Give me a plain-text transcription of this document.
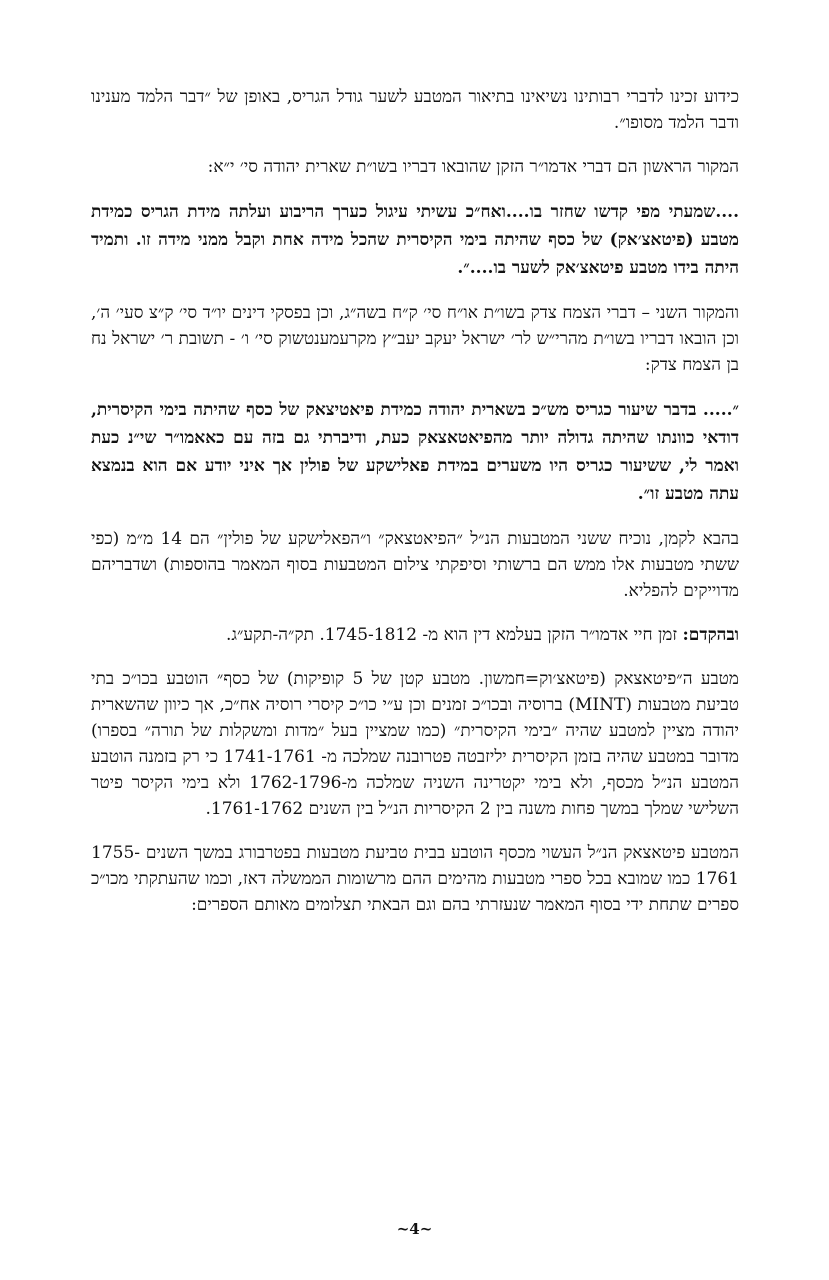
כידוע זכינו לדברי רבותינו נשיאינו בתיאור המטבע לשער גודל הגריס, באופן של ״דבר הלמד מענינו ודבר הלמד מסופו״.

המקור הראשון הם דברי אדמו״ר הזקן שהובאו דבריו בשו״ת שארית יהודה סי׳ י״א:

....שמעתי מפי קדשו שחזר בו....ואח״כ עשיתי עיגול כערך הריבוע ועלתה מידת הגריס כמידת מטבע (פיטאצ׳אק) של כסף שהיתה בימי הקיסרית שהכל מידה אחת וקבל ממני מידה זו. ותמיד היתה בידו מטבע פיטאצ׳אק לשער בו....״.

והמקור השני – דברי הצמח צדק בשו״ת או״ח סי׳ ק״ח בשה״ג, וכן בפסקי דינים יו״ד סי׳ ק״צ סעי׳ ה׳, וכן הובאו דבריו בשו״ת מהרי״ש לר׳ ישראל יעקב יעב״ץ מקרעמענטשוק סי׳ ו׳ - תשובת ר׳ ישראל נח בן הצמח צדק:

״..... בדבר שיעור כגריס מש״כ בשארית יהודה כמידת פיאטיצאק של כסף שהיתה בימי הקיסרית, דודאי כוונתו שהיתה גדולה יותר מהפיאטאצאק כעת, ודיברתי גם בזה עם כאאמו״ר שי״נ כעת ואמר לי, ששיעור כגריס היו משערים במידת פאלישקע של פולין אך איני יודע אם הוא בנמצא עתה מטבע זו״.

בהבא לקמן, נוכיח ששני המטבעות הנ״ל ״הפיאטצאק״ ו״הפאלישקע של פולין״ הם 14 מ״מ (כפי ששתי מטבעות אלו ממש הם ברשותי וסיפקתי צילום המטבעות בסוף המאמר בהוספות) ושדבריהם מדוייקים להפליא.

ובהקדם: זמן חיי אדמו״ר הזקן בעלמא דין הוא מ- 1745-1812. תק״ה-תקע״ג.

מטבע ה״פיטאצאק (פיטאצ׳וק=חמשון. מטבע קטן של 5 קופיקות) של כסף״ הוטבע בכו״כ בתי טביעת מטבעות (MINT) ברוסיה ובכו״כ זמנים וכן ע״י כו״כ קיסרי רוסיה אח״כ, אך כיוון שהשארית יהודה מציין למטבע שהיה ״בימי הקיסרית״ (כמו שמציין בעל ״מדות ומשקלות של תורה״ בספרו) מדובר במטבע שהיה בזמן הקיסרית יליזבטה פטרובנה שמלכה מ- 1741-1761 כי רק בזמנה הוטבע המטבע הנ״ל מכסף, ולא בימי יקטרינה השניה שמלכה מ-1762-1796 ולא בימי הקיסר פיטר השלישי שמלך במשך פחות משנה בין 2 הקיסריות הנ״ל בין השנים 1761-1762.

המטבע פיטאצאק הנ״ל העשוי מכסף הוטבע בבית טביעת מטבעות בפטרבורג במשך השנים 1755-1761 כמו שמובא בכל ספרי מטבעות מהימים ההם מרשומות הממשלה דאז, וכמו שהעתקתי מכו״כ ספרים שתחת ידי בסוף המאמר שנעזרתי בהם וגם הבאתי תצלומים מאותם הספרים:

~4~
